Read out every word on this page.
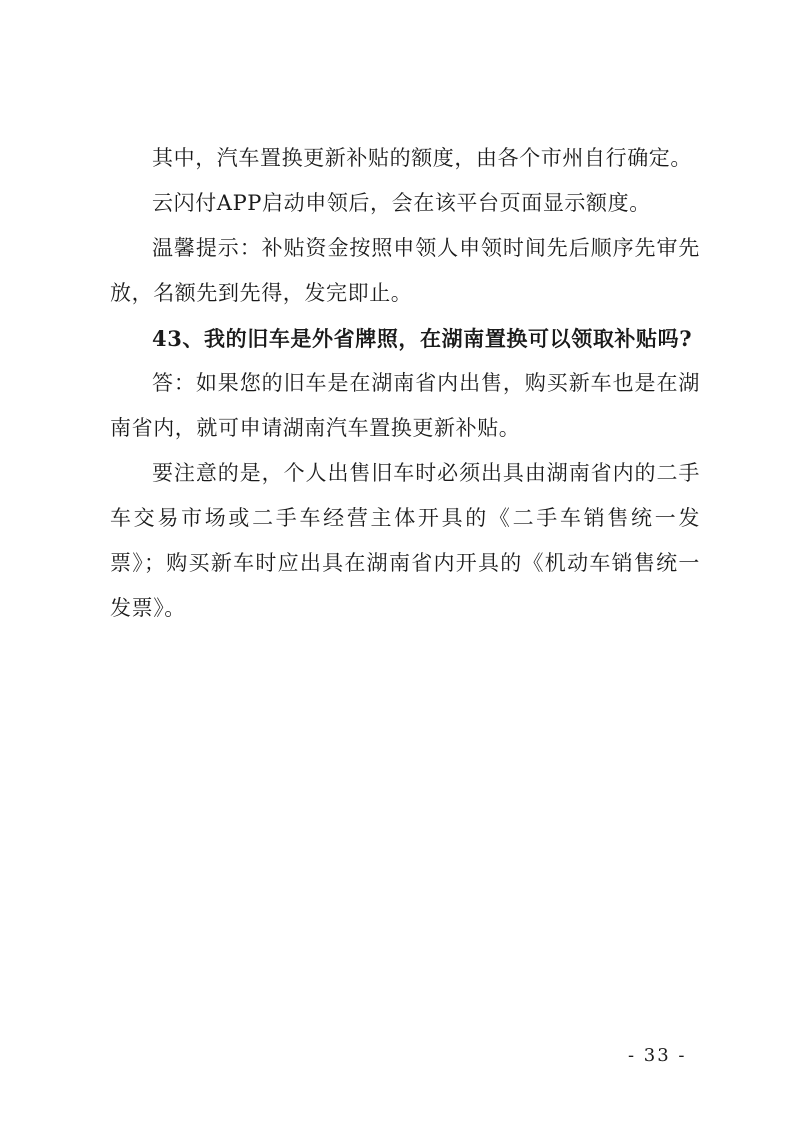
其中，汽车置换更新补贴的额度，由各个市州自行确定。

云闪付APP启动申领后，会在该平台页面显示额度。

温馨提示：补贴资金按照申领人申领时间先后顺序先审先放，名额先到先得，发完即止。

43、我的旧车是外省牌照，在湖南置换可以领取补贴吗?

答：如果您的旧车是在湖南省内出售，购买新车也是在湖南省内，就可申请湖南汽车置换更新补贴。

要注意的是，个人出售旧车时必须出具由湖南省内的二手车交易市场或二手车经营主体开具的《二手车销售统一发票》；购买新车时应出具在湖南省内开具的《机动车销售统一发票》。

- 33 -
